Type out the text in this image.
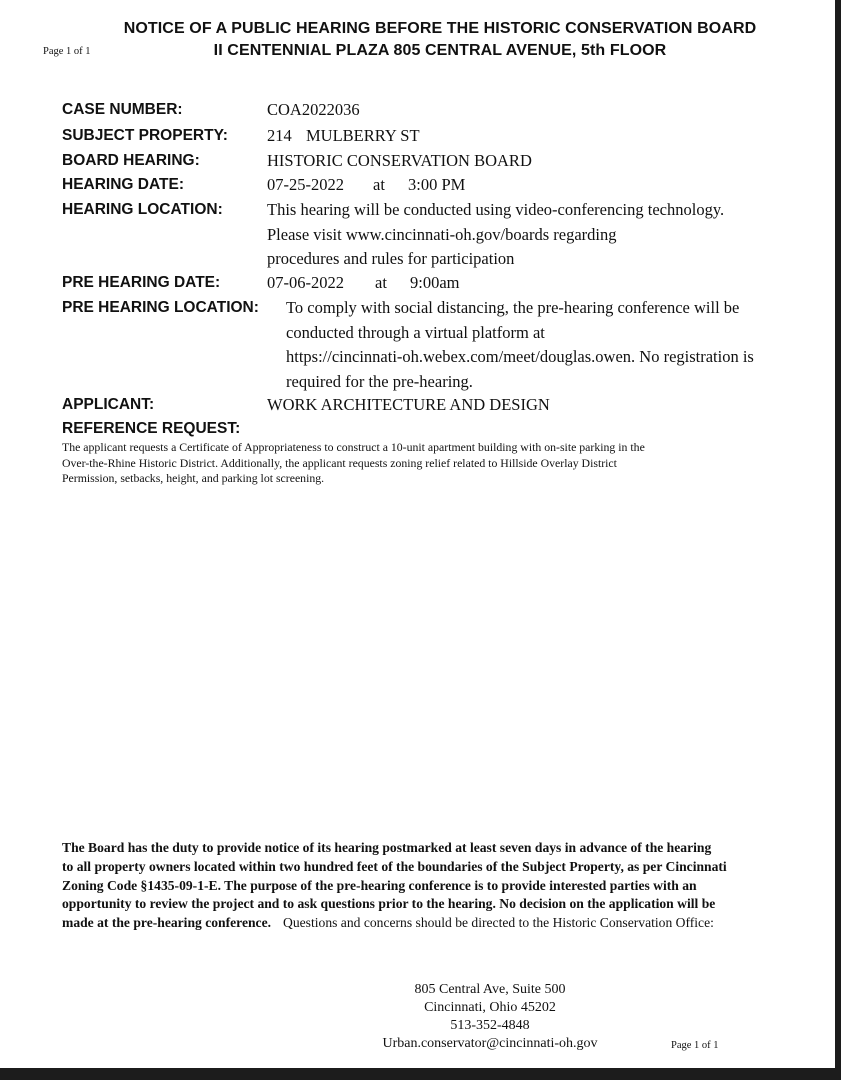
NOTICE OF A PUBLIC HEARING BEFORE THE HISTORIC CONSERVATION BOARD
II CENTENNIAL PLAZA 805 CENTRAL AVENUE, 5th FLOOR
Page 1 of 1
CASE NUMBER:	COA2022036
SUBJECT PROPERTY: 214 MULBERRY ST
BOARD HEARING:	HISTORIC CONSERVATION BOARD
HEARING DATE:	07-25-2022 at 3:00 PM
HEARING LOCATION:	This hearing will be conducted using video-conferencing technology.
Please visit www.cincinnati-oh.gov/boards regarding
procedures and rules for participation
PRE HEARING DATE:	07-06-2022 at 9:00am
PRE HEARING LOCATION: To comply with social distancing, the pre-hearing conference will be
conducted through a virtual platform at
https://cincinnati-oh.webex.com/meet/douglas.owen. No registration is
required for the pre-hearing.
APPLICANT:	WORK ARCHITECTURE AND DESIGN
REFERENCE REQUEST:
The applicant requests a Certificate of Appropriateness to construct a 10-unit apartment building with on-site parking in the
Over-the-Rhine Historic District. Additionally, the applicant requests zoning relief related to Hillside Overlay District
Permission, setbacks, height, and parking lot screening.
The Board has the duty to provide notice of its hearing postmarked at least seven days in advance of the hearing
to all property owners located within two hundred feet of the boundaries of the Subject Property, as per Cincinnati
Zoning Code §1435-09-1-E. The purpose of the pre-hearing conference is to provide interested parties with an
opportunity to review the project and to ask questions prior to the hearing. No decision on the application will be
made at the pre-hearing conference. Questions and concerns should be directed to the Historic Conservation Office:
805 Central Ave, Suite 500
Cincinnati, Ohio 45202
513-352-4848
Urban.conservator@cincinnati-oh.gov	Page 1 of 1
